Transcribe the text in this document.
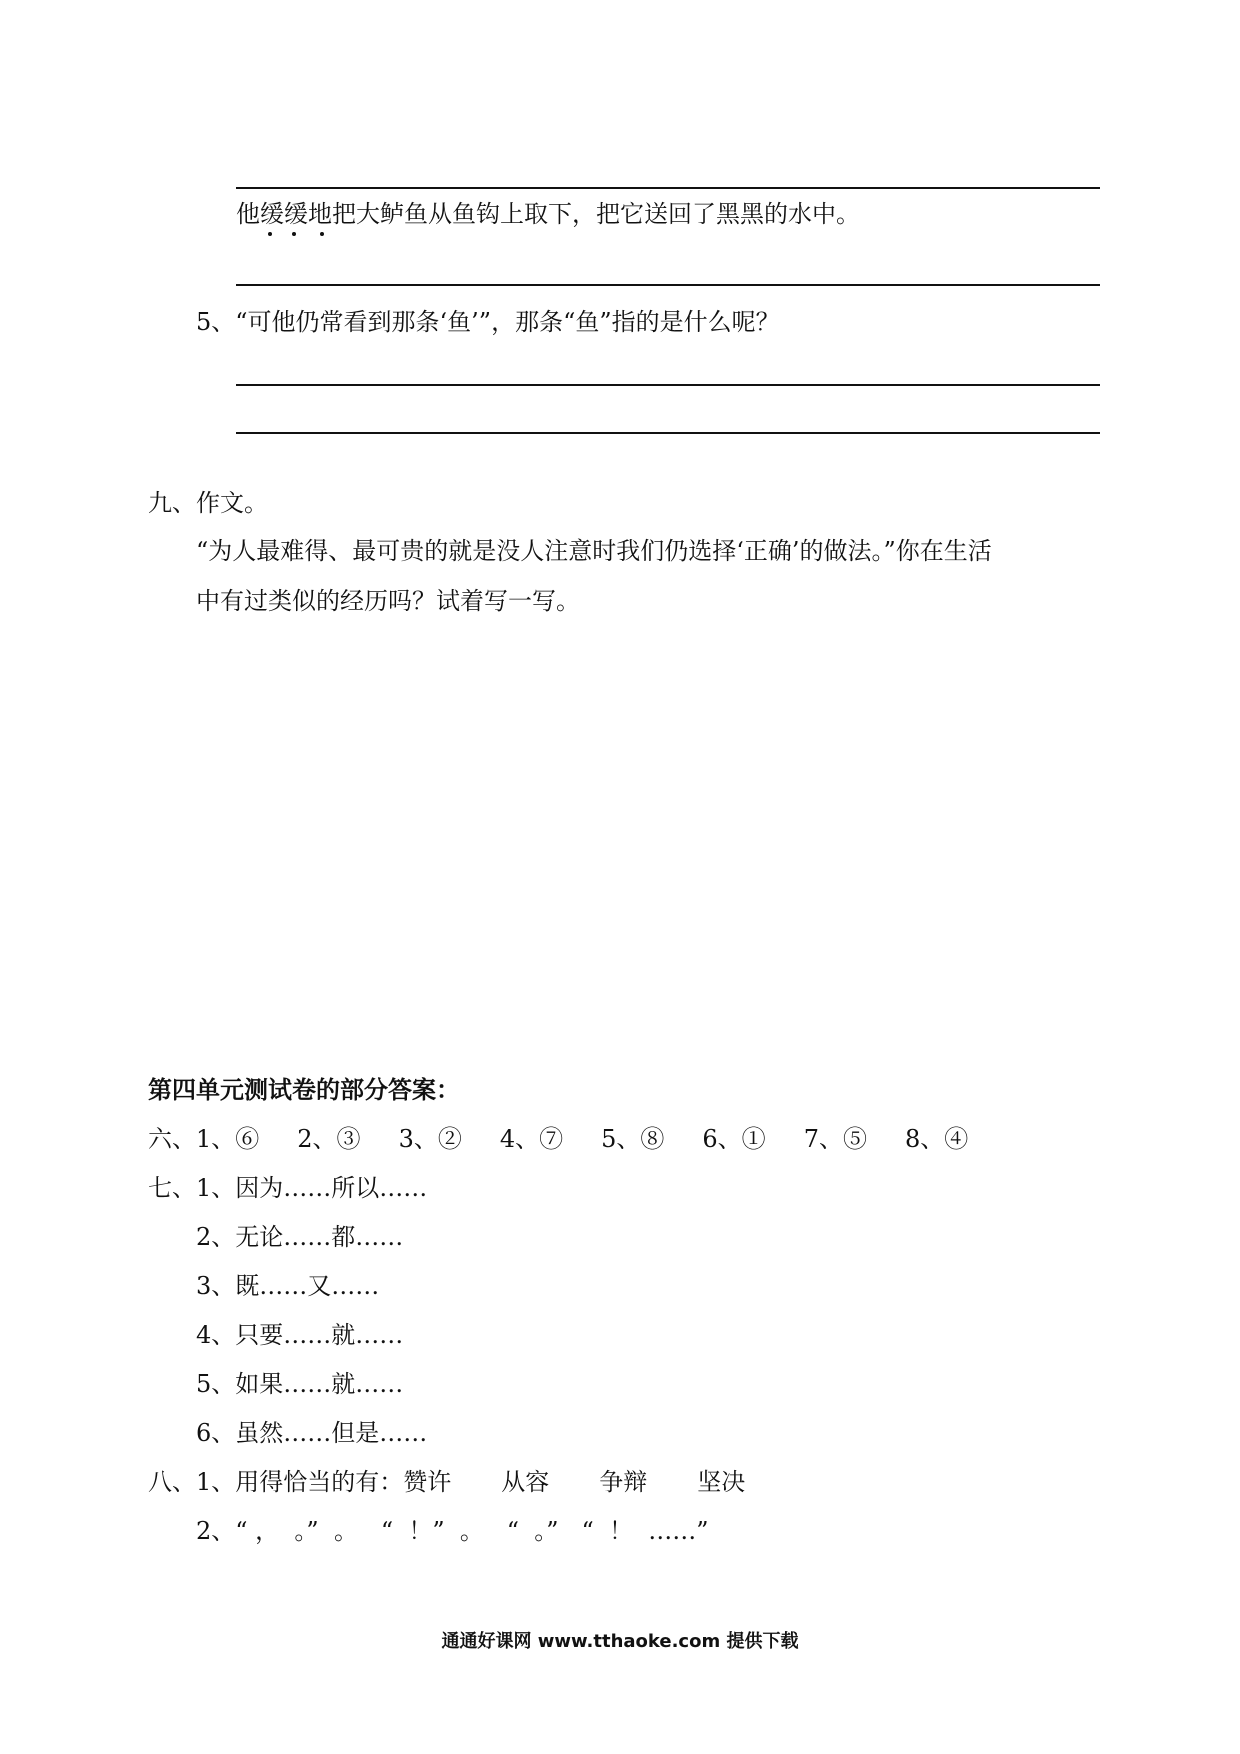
他缓缓地把大鲈鱼从鱼钩上取下，把它送回了黑黑的水中。
5、“可他仍常看到那条‘鱼’”，那条“鱼”指的是什么呢？
九、作文。
“为人最难得、最可贵的就是没人注意时我们仍选择‘正确’的做法。”你在生活
中有过类似的经历吗？试着写一写。
第四单元测试卷的部分答案：
六、1、⑥ 2、③ 3、② 4、⑦ 5、⑧ 6、① 7、⑤ 8、④
七、1、因为……所以……
2、无论……都……
3、既……又……
4、只要……就……
5、如果……就……
6、虽然……但是……
八、1、用得恰当的有：赞许 从容 争辩 坚决
2、“ ，  。”  。   “  ！”  。   “  。”   “  ！  ……”
通通好课网 www.tthaoke.com 提供下载
